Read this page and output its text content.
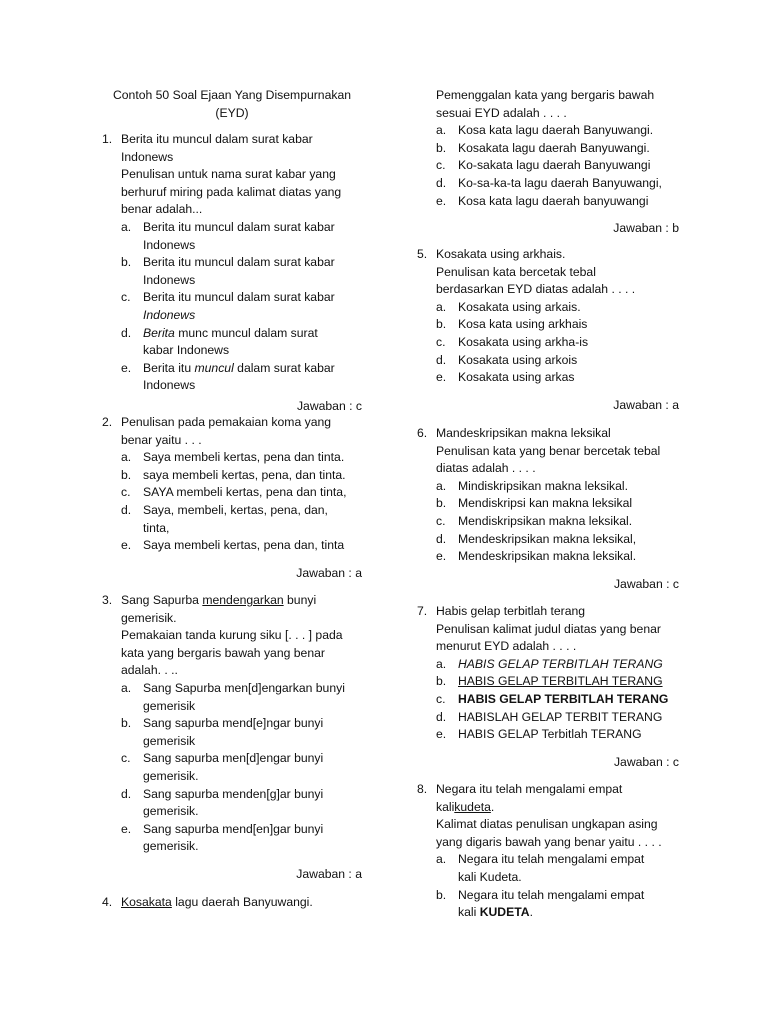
Contoh 50 Soal Ejaan Yang Disempurnakan
(EYD)
1. Berita itu muncul dalam surat kabar
Indonews
Penulisan untuk nama surat kabar yang
berhuruf miring pada kalimat diatas yang
benar adalah...
a. Berita itu muncul dalam surat kabar
Indonews
b. Berita itu muncul dalam surat kabar
Indonews
c. Berita itu muncul dalam surat kabar
Indonews
d. Berita munc muncul dalam surat
kabar Indonews
e. Berita itu muncul dalam surat kabar
Indonews
Jawaban : c
2. Penulisan pada pemakaian koma yang
benar yaitu . . .
a. Saya membeli kertas, pena dan tinta.
b. saya membeli kertas, pena, dan tinta.
c. SAYA membeli kertas, pena dan tinta,
d. Saya, membeli, kertas, pena, dan,
tinta,
e. Saya membeli kertas, pena dan, tinta
Jawaban : a
3. Sang Sapurba mendengarkan bunyi
gemerisik.
Pemakaian tanda kurung siku [. . . ] pada
kata yang bergaris bawah yang benar
adalah. . ..
a. Sang Sapurba men[d]engarkan bunyi
gemerisik
b. Sang sapurba mend[e]ngar bunyi
gemerisik
c. Sang sapurba men[d]engar bunyi
gemerisik.
d. Sang sapurba menden[g]ar bunyi
gemerisik.
e. Sang sapurba mend[en]gar bunyi
gemerisik.
Jawaban : a
4. Kosakata lagu daerah Banyuwangi.
Pemenggalan kata yang bergaris bawah
sesuai EYD adalah . . . .
a. Kosa kata lagu daerah Banyuwangi.
b. Kosakata lagu daerah Banyuwangi.
c. Ko-sakata lagu daerah Banyuwangi
d. Ko-sa-ka-ta lagu daerah Banyuwangi,
e. Kosa kata lagu daerah banyuwangi
Jawaban : b
5. Kosakata using arkhais.
Penulisan kata bercetak tebal
berdasarkan EYD diatas adalah . . . .
a. Kosakata using arkais.
b. Kosa kata using arkhais
c. Kosakata using arkha-is
d. Kosakata using arkois
e. Kosakata using arkas
Jawaban : a
6. Mandeskripsikan makna leksikal
Penulisan kata yang benar bercetak tebal
diatas adalah . . . .
a. Mindiskripsikan makna leksikal.
b. Mendiskripsi kan makna leksikal
c. Mendiskripsikan makna leksikal.
d. Mendeskripsikan makna leksikal,
e. Mendeskripsikan makna leksikal.
Jawaban : c
7. Habis gelap terbitlah terang
Penulisan kalimat judul diatas yang benar
menurut EYD adalah . . . .
a. HABIS GELAP TERBITLAH TERANG
b. HABIS GELAP TERBITLAH TERANG
c. HABIS GELAP TERBITLAH TERANG
d. HABISLAH GELAP TERBIT TERANG
e. HABIS GELAP Terbitlah TERANG
Jawaban : c
8. Negara itu telah mengalami empat
kalikudeta.
Kalimat diatas penulisan ungkapan asing
yang digaris bawah yang benar yaitu . . . .
a. Negara itu telah mengalami empat
kali Kudeta.
b. Negara itu telah mengalami empat
kali KUDETA.
